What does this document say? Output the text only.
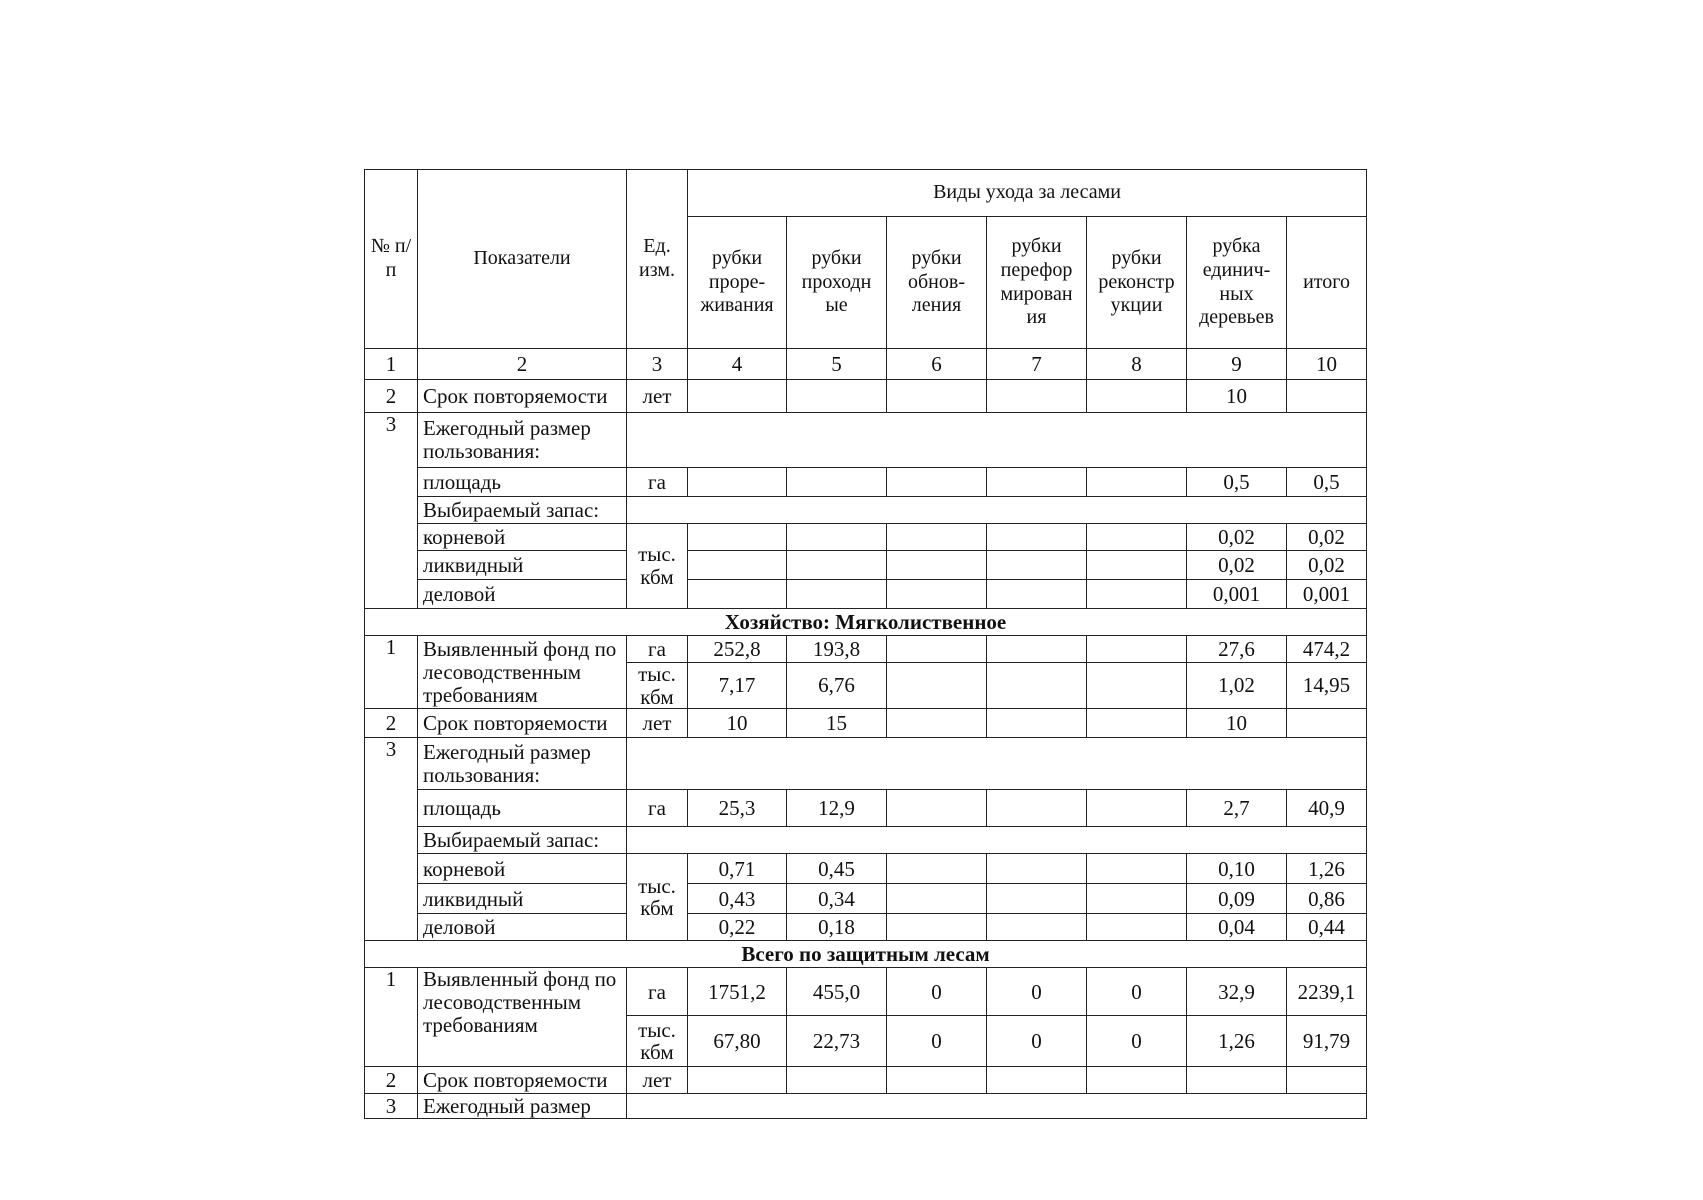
№ п/п	Показатели	Ед. изм.	Виды ухода за лесами						
			рубки проре-живания	рубки проходн ые	рубки обнов-ления	рубки перефор мирован ия	рубки реконстр укции	рубка единич-ных деревьев	итого
1	2	3	4	5	6	7	8	9	10
2	Срок повторяемости	лет						10	
3	Ежегодный размер пользования:								
	площадь	га						0,5	0,5
	Выбираемый запас:								
	корневой	тыс. кбм						0,02	0,02
	ликвидный							0,02	0,02
	деловой							0,001	0,001
Хозяйство: Мягколиственное									
1	Выявленный фонд по лесоводственным требованиям	га	252,8	193,8				27,6	474,2
		тыс. кбм	7,17	6,76				1,02	14,95
2	Срок повторяемости	лет	10	15				10	
3	Ежегодный размер пользования:								
	площадь	га	25,3	12,9				2,7	40,9
	Выбираемый запас:								
	корневой	тыс. кбм	0,71	0,45				0,10	1,26
	ликвидный		0,43	0,34				0,09	0,86
	деловой		0,22	0,18				0,04	0,44
Всего по защитным лесам									
1	Выявленный фонд по лесоводственным требованиям	га	1751,2	455,0	0	0	0	32,9	2239,1
		тыс. кбм	67,80	22,73	0	0	0	1,26	91,79
2	Срок повторяемости	лет							
3	Ежегодный размер								
